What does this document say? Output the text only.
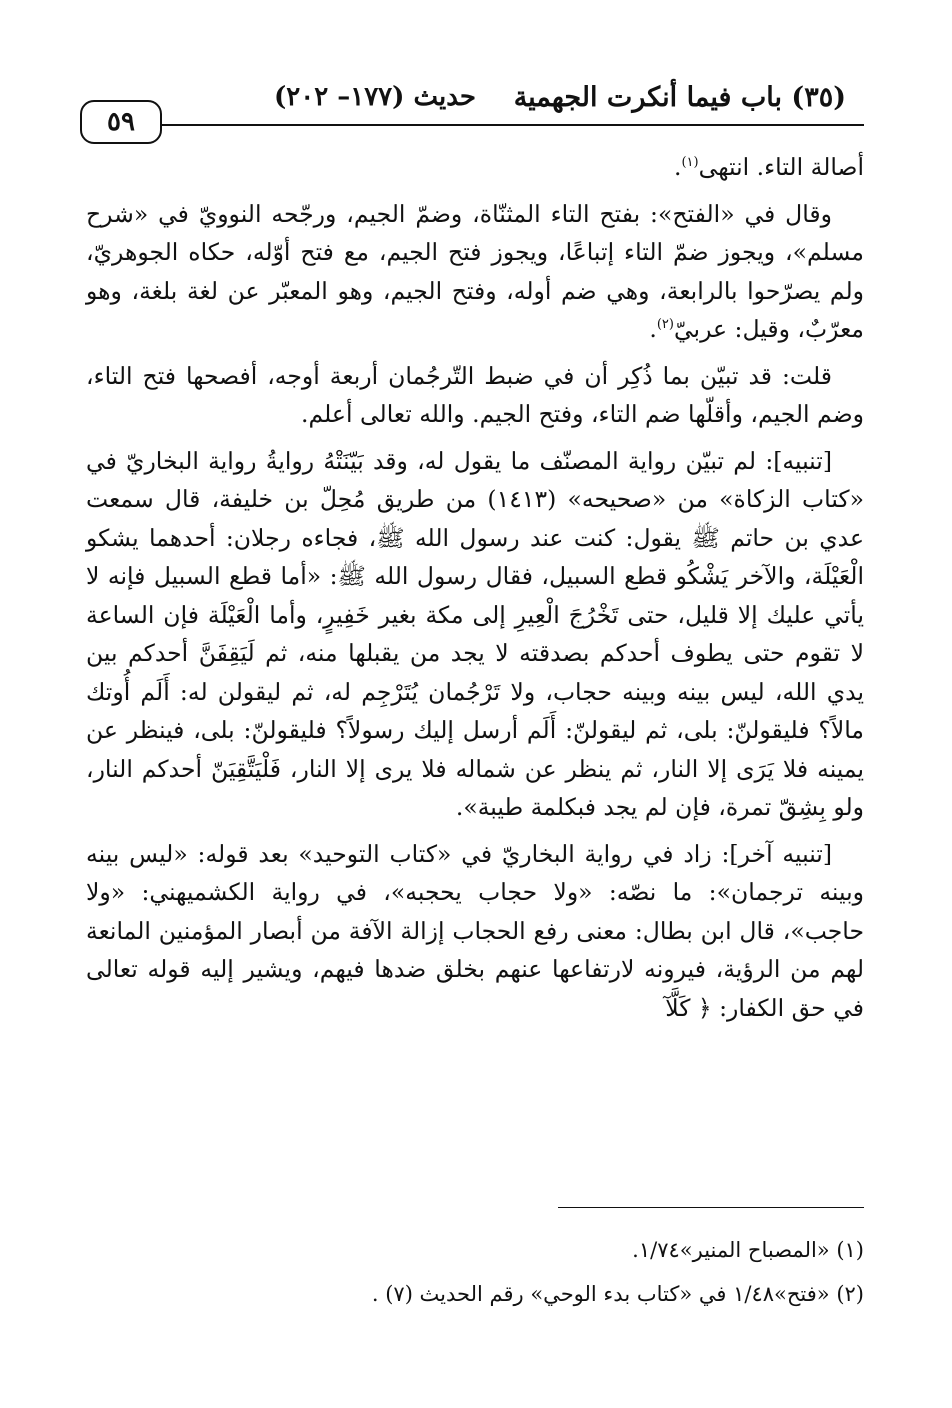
(٣٥) باب فيما أنكرت الجهمية
حديث (١٧٧– ٢٠٢)
٥٩

أصالة التاء. انتهى$^{(١)}$.

وقال في «الفتح»: بفتح التاء المثنّاة، وضمّ الجيم، ورجّحه النوويّ في «شرح مسلم»، ويجوز ضمّ التاء إتباعًا، ويجوز فتح الجيم، مع فتح أوّله، حكاه الجوهريّ، ولم يصرّحوا بالرابعة، وهي ضم أوله، وفتح الجيم، وهو المعبّر عن لغة بلغة، وهو معرّبٌ، وقيل: عربيّ$^{(٢)}$.

قلت: قد تبيّن بما ذُكِر أن في ضبط التّرجُمان أربعة أوجه، أفصحها فتح التاء، وضم الجيم، وأقلّها ضم التاء، وفتح الجيم. والله تعالى أعلم.

[تنبيه]: لم تبيّن رواية المصنّف ما يقول له، وقد بَيّنَتْهُ روايةُ رواية البخاريّ في «كتاب الزكاة» من «صحيحه» (١٤١٣) من طريق مُحِلّ بن خليفة، قال سمعت عدي بن حاتم ﷺ يقول: كنت عند رسول الله ﷺ، فجاءه رجلان: أحدهما يشكو الْعَيْلَة، والآخر يَشْكُو قطع السبيل، فقال رسول الله ﷺ: «أما قطع السبيل فإنه لا يأتي عليك إلا قليل، حتى تَخْرُجَ الْعِيرِ إلى مكة بغير خَفِيرٍ، وأما الْعَيْلَة فإن الساعة لا تقوم حتى يطوف أحدكم بصدقته لا يجد من يقبلها منه، ثم لَيَقِفَنَّ أحدكم بين يدي الله، ليس بينه وبينه حجاب، ولا تَرْجُمان يُتَرْجِم له، ثم ليقولن له: أَلَم أُوتك مالاً؟ فليقولنّ: بلى، ثم ليقولنّ: أَلَم أرسل إليك رسولاً؟ فليقولنّ: بلى، فينظر عن يمينه فلا يَرَى إلا النار، ثم ينظر عن شماله فلا يرى إلا النار، فَلْيَتَّقِيَنّ أحدكم النار، ولو بِشِقّ تمرة، فإن لم يجد فبكلمة طيبة».

[تنبيه آخر]: زاد في رواية البخاريّ في «كتاب التوحيد» بعد قوله: «ليس بينه وبينه ترجمان»: ما نصّه: «ولا حجاب يحجبه»، في رواية الكشميهني: «ولا حاجب»، قال ابن بطال: معنى رفع الحجاب إزالة الآفة من أبصار المؤمنين المانعة لهم من الرؤية، فيرونه لارتفاعها عنهم بخلق ضدها فيهم، ويشير إليه قوله تعالى في حق الكفار: ﴿ كَلَّآ

(١) «المصباح المنير»١/٧٤.

(٢) «فتح»١/٤٨ في «كتاب بدء الوحي» رقم الحديث (٧) .
